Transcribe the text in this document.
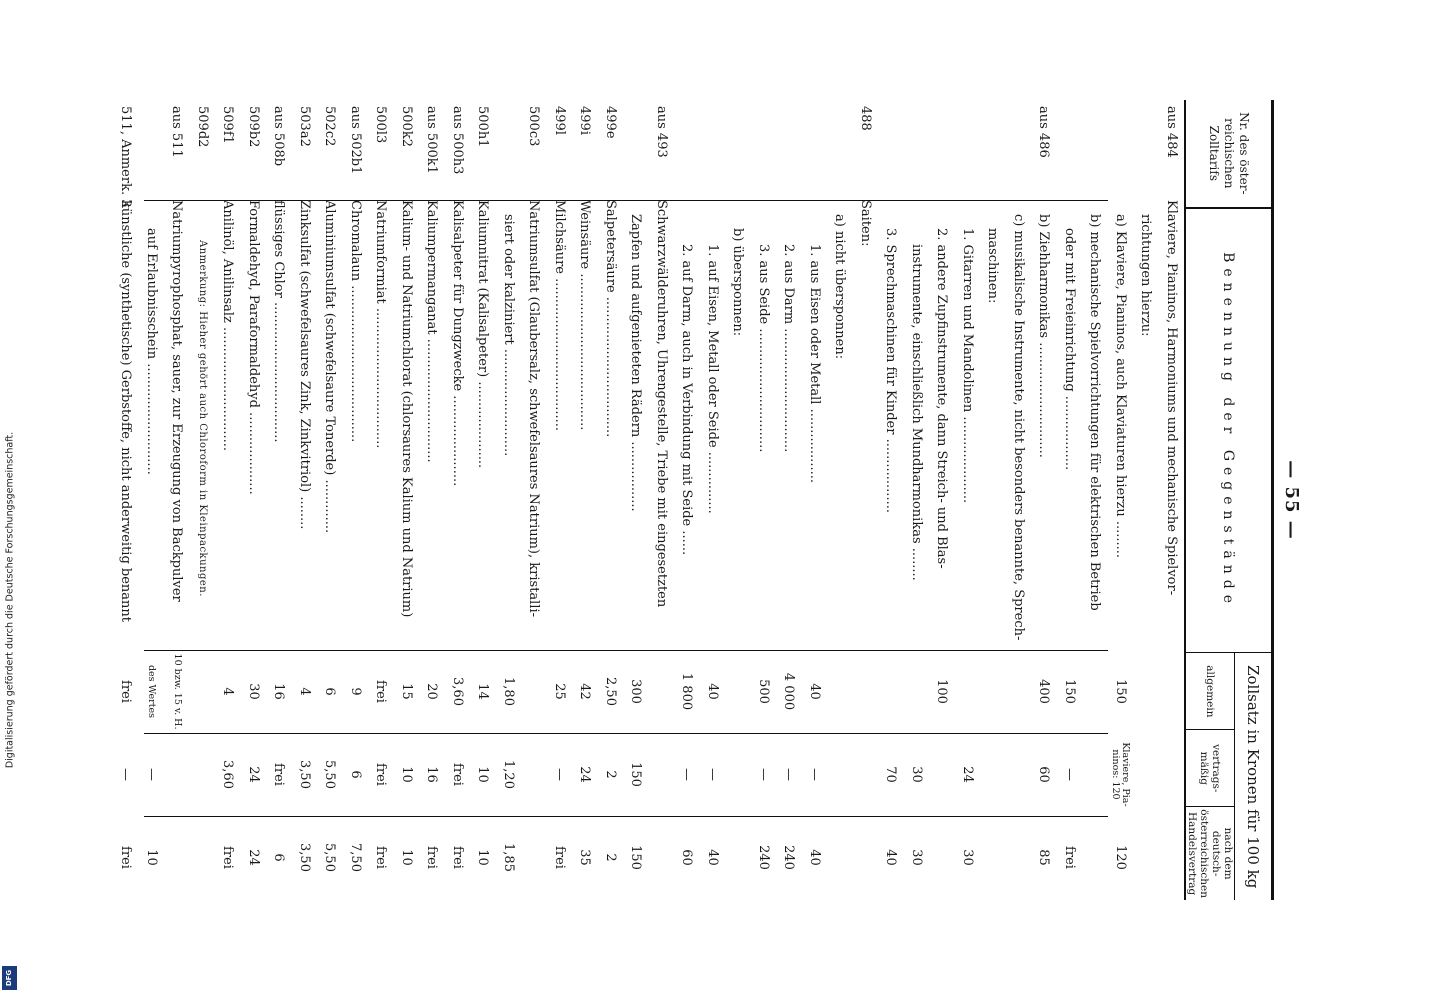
Digitalisierung gefördert durch die Deutsche Forschungsgemeinschaft.
DFG
— 55 —
Nr. des österreichischen Zolltarifs
Benennung der Gegenstände
Zollsatz in Kronen für 100 kg
allgemein
vertragsmäßig
nach dem deutsch-österreichischen Handelsvertrag
aus 484
Klaviere, Pianinos, Harmoniums und mechanische Spielvor-
richtungen hierzu:
a) Klaviere, Pianinos, auch Klaviaturen hierzu .........
150
Klaviere, Pianinos: 120
120
b) mechanische Spielvorrichtungen für elektrischen Betrieb
oder mit Freieinrichtung ..................
150
—
frei
aus 486
b) Ziehharmonikas ............................
400
60
85
c) musikalische Instrumente, nicht besonders benannte, Sprech-
maschinen:
1. Gitarren und Mandolinen .....................
24
30
2. andere Zupfinstrumente, dann Streich- und Blas-
100
instrumente, einschließlich Mundharmonikas ........
30
30
3. Sprechmaschinen für Kinder ..................
70
40
488
Saiten:
a) nicht übersponnen:
1. aus Eisen oder Metall ..................
40
—
40
2. aus Darm ..............................
4 000
—
240
3. aus Seide ..............................
500
—
240
b) übersponnen:
1. auf Eisen, Metall oder Seide ...............
40
—
40
2. auf Darm, auch in Verbindung mit Seide ......
1 800
—
60
aus 493
Schwarzwälderuhren, Uhrengestelle, Triebe mit eingesetzten
Zapfen und aufgenieteten Rädern .................
300
150
150
499e
Salpetersäure ..................................
2,50
2
2
499i
Weinsäure ......................................
42
24
35
499l
Milchsäure .....................................
25
—
frei
500c3
Natriumsulfat (Glaubersalz, schwefelsaures Natrium), kristalli-
siert oder kalziniert ..........................
1,80
1,20
1,85
500h1
Kaliumnitrat (Kalisalpeter) .....................
14
10
10
aus 500h3
Kalisalpeter für Dungzwecke ......................
3,60
frei
frei
aus 500k1
Kaliumpermanganat ..............................
20
16
frei
500k2
Kalium- und Natriumchlorat (chlorsaures Kalium und Natrium)
15
10
10
500l3
Natriumformiat ..................................
frei
frei
frei
aus 502b1
Chromalaun ......................................
9
6
7,50
502c2
Aluminiumsulfat (schwefelsaure Tonerde) .............
6
5,50
5,50
503a2
Zinksulfat (schwefelsaures Zink, Zinkvitriol) ........
4
3,50
3,50
aus 508b
flüssiges Chlor ..................................
16
frei
6
509b2
Formaldehyd, Paraformaldehyd ....................
30
24
24
509f1
Anilinöl, Anilinsalz ..............................
4
3,60
frei
509d2
Anmerkung: Hieher gehört auch Chloroform in Kleinpackungen.
aus 511
Natriumpyrophosphat, sauer, zur Erzeugung von Backpulver
10 bzw. 15 v. H.
auf Erlaubnisschein ...........................
des Wertes
—
10
511, Anmerk. 3
künstliche (synthetische) Gerbstoffe, nicht anderweitig benannt
frei
—
frei
